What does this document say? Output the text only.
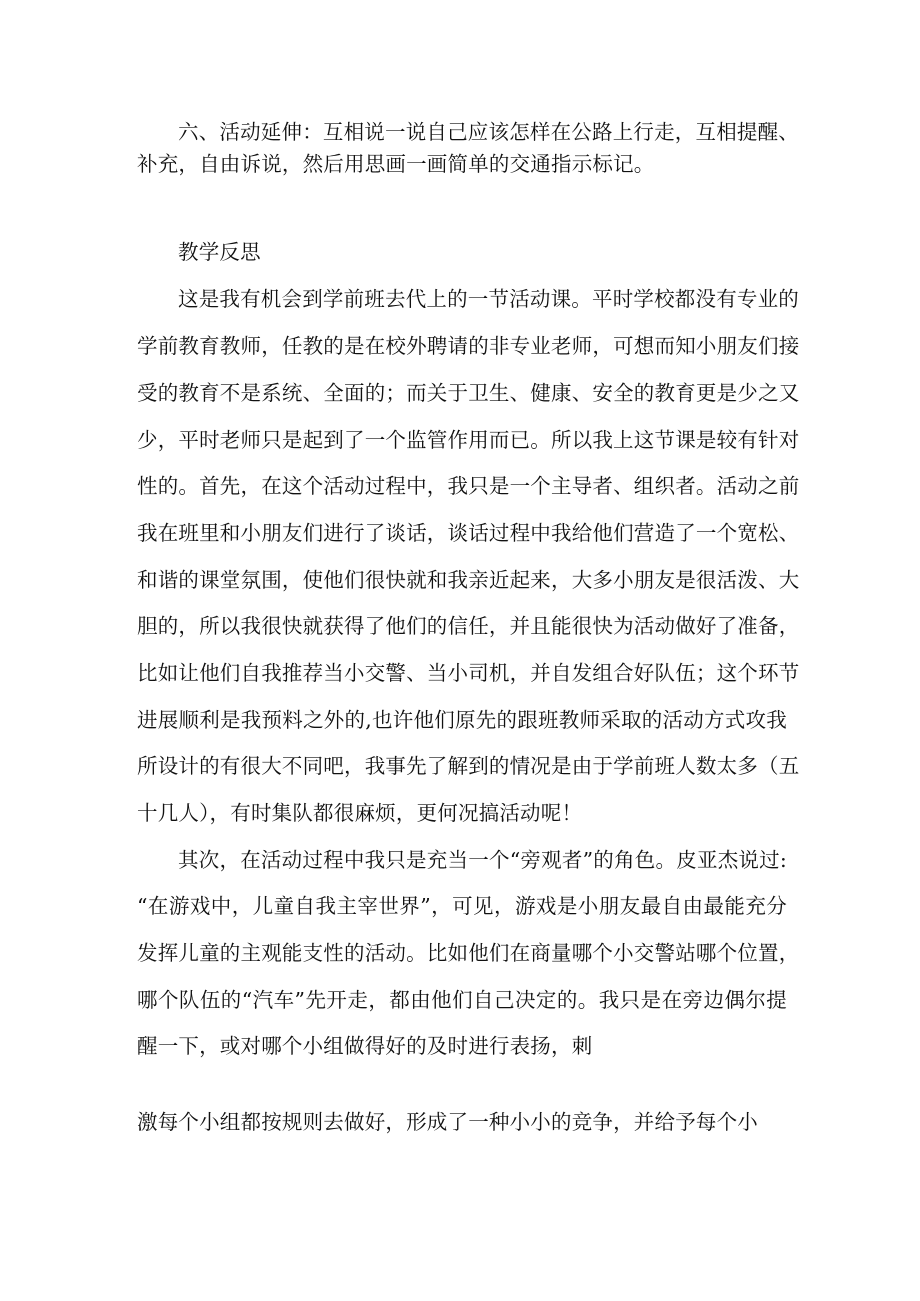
六、活动延伸：互相说一说自己应该怎样在公路上行走，互相提醒、
补充，自由诉说，然后用思画一画简单的交通指示标记。
教学反思
这是我有机会到学前班去代上的一节活动课。平时学校都没有专业的
学前教育教师，任教的是在校外聘请的非专业老师，可想而知小朋友们接
受的教育不是系统、全面的；而关于卫生、健康、安全的教育更是少之又
少，平时老师只是起到了一个监管作用而已。所以我上这节课是较有针对
性的。首先，在这个活动过程中，我只是一个主导者、组织者。活动之前
我在班里和小朋友们进行了谈话，谈话过程中我给他们营造了一个宽松、
和谐的课堂氛围，使他们很快就和我亲近起来，大多小朋友是很活泼、大
胆的，所以我很快就获得了他们的信任，并且能很快为活动做好了准备，
比如让他们自我推荐当小交警、当小司机，并自发组合好队伍；这个环节
进展顺利是我预料之外的,也许他们原先的跟班教师采取的活动方式攻我
所设计的有很大不同吧，我事先了解到的情况是由于学前班人数太多（五
十几人），有时集队都很麻烦，更何况搞活动呢！
其次，在活动过程中我只是充当一个“旁观者”的角色。皮亚杰说过:
“在游戏中，儿童自我主宰世界”，可见，游戏是小朋友最自由最能充分
发挥儿童的主观能支性的活动。比如他们在商量哪个小交警站哪个位置，
哪个队伍的“汽车”先开走，都由他们自己决定的。我只是在旁边偶尔提
醒一下，或对哪个小组做得好的及时进行表扬，刺
激每个小组都按规则去做好，形成了一种小小的竞争，并给予每个小
